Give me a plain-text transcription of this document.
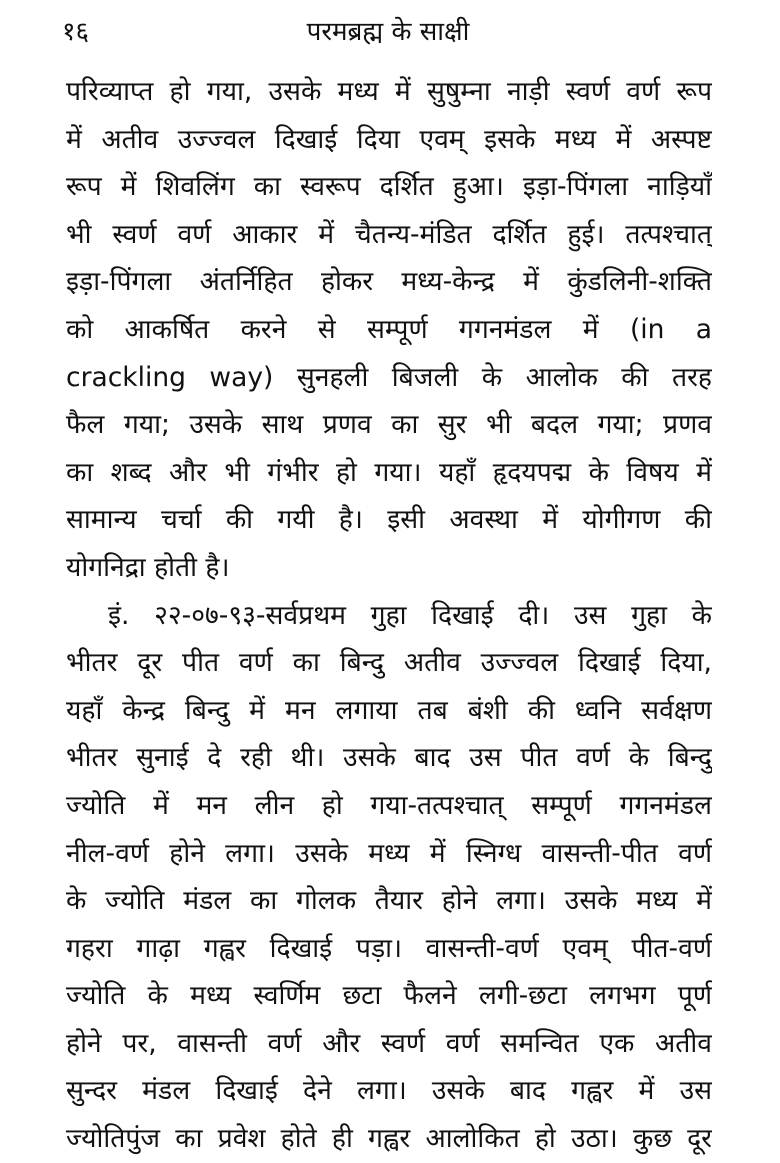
१६	परमब्रह्म के साक्षी
परिव्याप्त हो गया, उसके मध्य में सुषुम्ना नाड़ी स्वर्ण वर्ण रूप
में अतीव उज्ज्वल दिखाई दिया एवम् इसके मध्य में अस्पष्ट
रूप में शिवलिंग का स्वरूप दर्शित हुआ। इड़ा-पिंगला नाड़ियाँ
भी स्वर्ण वर्ण आकार में चैतन्य-मंडित दर्शित हुई। तत्पश्चात्
इड़ा-पिंगला अंतर्निहित होकर मध्य-केन्द्र में कुंडलिनी-शक्ति
को आकर्षित करने से सम्पूर्ण गगनमंडल में (in a
crackling way) सुनहली बिजली के आलोक की तरह
फैल गया; उसके साथ प्रणव का सुर भी बदल गया; प्रणव
का शब्द और भी गंभीर हो गया। यहाँ हृदयपद्म के विषय में
सामान्य चर्चा की गयी है। इसी अवस्था में योगीगण की
योगनिद्रा होती है।
इं. २२-०७-९३-सर्वप्रथम गुहा दिखाई दी। उस गुहा के
भीतर दूर पीत वर्ण का बिन्दु अतीव उज्ज्वल दिखाई दिया,
यहाँ केन्द्र बिन्दु में मन लगाया तब बंशी की ध्वनि सर्वक्षण
भीतर सुनाई दे रही थी। उसके बाद उस पीत वर्ण के बिन्दु
ज्योति में मन लीन हो गया-तत्पश्चात् सम्पूर्ण गगनमंडल
नील-वर्ण होने लगा। उसके मध्य में स्निग्ध वासन्ती-पीत वर्ण
के ज्योति मंडल का गोलक तैयार होने लगा। उसके मध्य में
गहरा गाढ़ा गह्वर दिखाई पड़ा। वासन्ती-वर्ण एवम् पीत-वर्ण
ज्योति के मध्य स्वर्णिम छटा फैलने लगी-छटा लगभग पूर्ण
होने पर, वासन्ती वर्ण और स्वर्ण वर्ण समन्वित एक अतीव
सुन्दर मंडल दिखाई देने लगा। उसके बाद गह्वर में उस
ज्योतिपुंज का प्रवेश होते ही गह्वर आलोकित हो उठा। कुछ दूर
